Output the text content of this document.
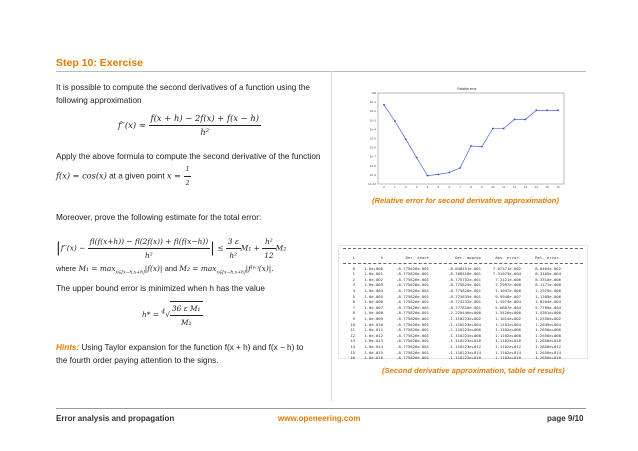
Step 10: Exercise
It is possible to compute the second derivatives of a function using the
following approximation
$f''(x) \approx \frac{f(x + h) - 2f(x) + f(x - h)}{\text{h²}}$
Apply the above formula to compute the second derivative of the function
f(x) = cos(x) at a given point $x = \frac{1}{2}$
Moreover, prove the following estimate for the total error:
$|f''(x) - \frac{fl(f(x+h)) - fl(2f(x)) + fl(f(x-h))}{\text{h²}}$ | ≤ $\frac{3 \varepsilon}{\text{h²}} M_1 + \frac{\text{h²}}{12} M_2$
where $M_1 = \max_{x\in[x-h,x+h]}|f(x)|$ and $M_2 = \max_{x\in[x-h,x+h]}|f^{(i}ᵛ^)(x)|$.
The upper bound error is minimized when h has the value
$h* = ^4√ \frac{\text{36 ε M₁}}{\text{M₂}}$
Hints: Using Taylor expansion for the function f(x + h) and f(x − h) to
the fourth order paying attention to the signs.
Relative error
10−10
10−9
10−8
10−7
10−6
10−5
10−4
10−3
10−2
10−1
100
0	1	2	3	4	5	6	7	8	9	10	11	12	13	14	15	16
(Relative error for second derivative approximation)
i	h	Der. exact	Der. approx	Abs. error.	Rel. error.
0	1.0e+000	-8.775826e-001	-8.048451e-001	7.07371e-002	8.0404e-002
1	1.0e-001	-8.775826e-001	-8.768518e-001	7.31075e-004	8.3105e-004
2	1.0e-002	-8.775826e-001	-8.775752e-001	7.3121e-006	8.3310e-006
3	1.0e-003	-8.775826e-001	-8.775825e-001	7.2997e-008	8.1171e-008
4	1.0e-004	-8.775826e-001	-8.775826e-001	1.1097e-008	1.2979e-008
5	1.0e-005	-8.775826e-001	-8.775835e-001	9.9948e-007	1.1389e-006
6	1.0e-006	-8.775826e-001	-8.774232e-001	1.5974e-004	1.8204e-004
7	1.0e-007	-8.775826e-001	-8.777618e-001	5.0607e-004	5.7769e-004
8	1.0e-008	-8.775826e-001	-2.220446e+000	1.3426e+000	1.5301e+000
9	1.0e-009	-8.775826e-001	-1.110223e+002	1.1014e+002	1.2550e+002
10	1.0e-010	-8.775826e-001	-1.110223e+004	1.1101e+004	1.2649e+004
11	1.0e-011	-8.775826e-001	-1.110223e+006	1.1102e+006	1.2650e+006
12	1.0e-012	-8.775826e-001	-1.110223e+008	1.1102e+008	1.2650e+008
13	1.0e-013	-8.775826e-001	-1.110223e+010	1.1102e+010	1.2650e+010
14	1.0e-014	-8.775826e-001	-1.110223e+012	1.1102e+012	1.2650e+012
15	1.0e-015	-8.775826e-001	-1.110223e+014	1.1102e+014	1.2650e+014
16	1.0e-016	-8.775826e-001	-1.110223e+016	1.1102e+016	1.2650e+016
(Second derivative approximation, table of results)
Error analysis and propagation	www.openeering.com	page 9/10
